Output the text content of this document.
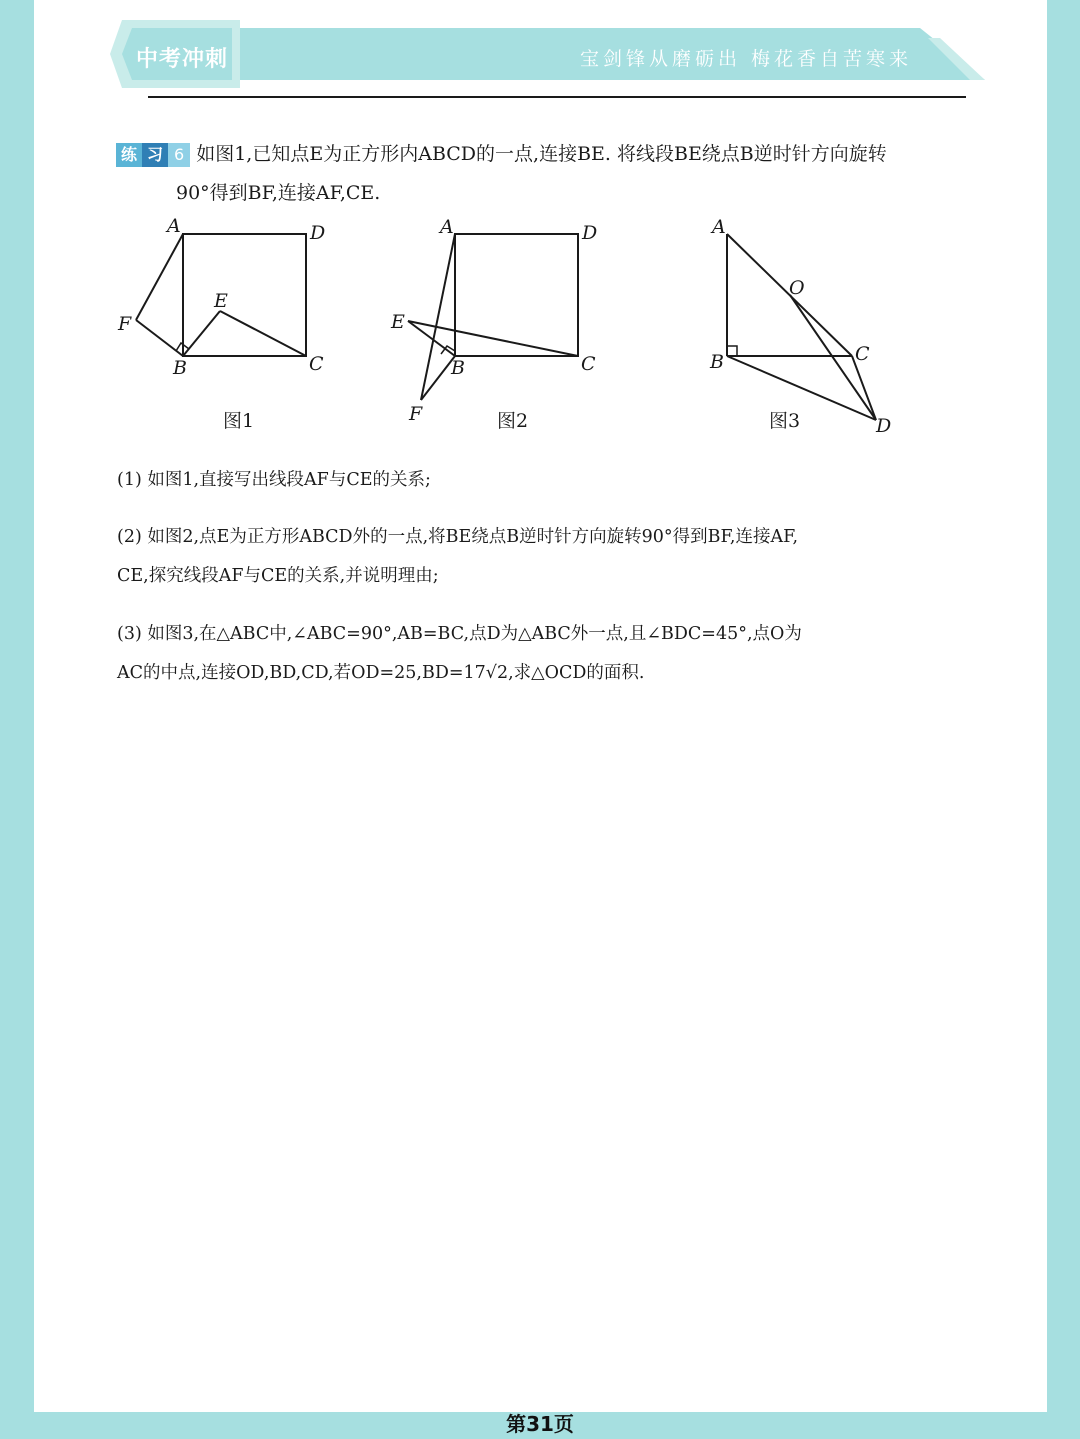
中考冲刺	宝剑锋从磨砺出 梅花香自苦寒来
练 习 6 如图1,已知点E为正方形内ABCD的一点,连接BE. 将线段BE绕点B逆时针方向旋转
90°得到BF,连接AF,CE.
A	D
E
F
B	C
图1
A	D
E
B	C
F	图2
A
O
B	C
D
图3
(1) 如图1,直接写出线段AF与CE的关系;
(2) 如图2,点E为正方形ABCD外的一点,将BE绕点B逆时针方向旋转90°得到BF,连接AF,
CE,探究线段AF与CE的关系,并说明理由;
(3) 如图3,在△ABC中,∠ABC=90°,AB=BC,点D为△ABC外一点,且∠BDC=45°,点O为
AC的中点,连接OD,BD,CD,若OD=25,BD=17√2,求△OCD的面积.
第31页
